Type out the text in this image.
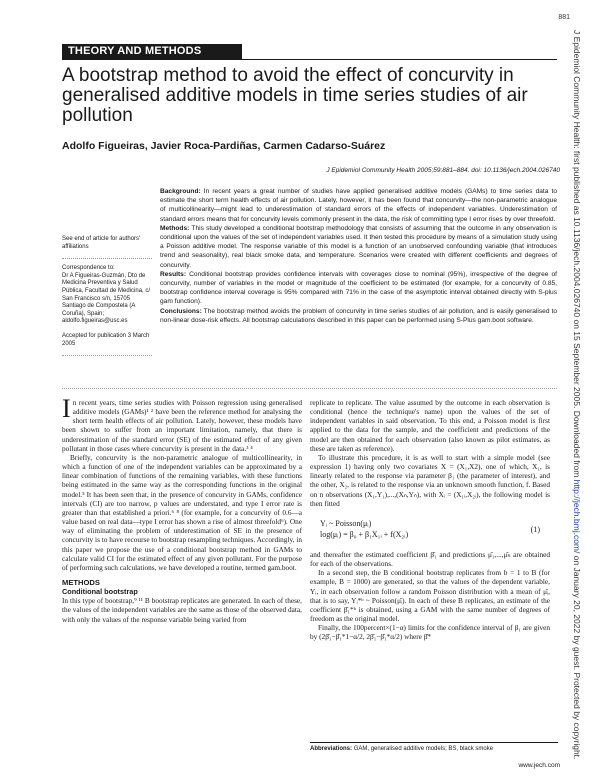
881
THEORY AND METHODS
A bootstrap method to avoid the effect of concurvity in generalised additive models in time series studies of air pollution
Adolfo Figueiras, Javier Roca-Pardiñas, Carmen Cadarso-Suárez
J Epidemiol Community Health 2005;59:881–884. doi: 10.1136/jech.2004.026740

Background: In recent years a great number of studies have applied generalised additive models (GAMs) to time series data to estimate the short term health effects of air pollution. Lately, however, it has been found that concurvity—the non-parametric analogue of multicollinearity—might lead to underestimation of standard errors of the effects of independent variables. Underestimation of standard errors means that for concurvity levels commonly present in the data, the risk of committing type I error rises by over threefold.

Methods: This study developed a conditional bootstrap methodology that consists of assuming that the outcome in any observation is conditional upon the values of the set of independent variables used. It then tested this procedure by means of a simulation study using a Poisson additive model. The response variable of this model is a function of an unobserved confounding variable (that introduces trend and seasonality), real black smoke data, and temperature. Scenarios were created with different coefficients and degrees of concurvity.

Results: Conditional bootstrap provides confidence intervals with coverages close to nominal (95%), irrespective of the degree of concurvity, number of variables in the model or magnitude of the coefficient to be estimated (for example, for a concurvity of 0.85, bootstrap confidence interval coverage is 95% compared with 71% in the case of the asymptotic interval obtained directly with S-plus gam function).

Conclusions: The bootstrap method avoids the problem of concurvity in time series studies of air pollution, and is easily generalised to non-linear dose-risk effects. All bootstrap calculations described in this paper can be performed using S-Plus gam.boot software.

See end of article for authors' affiliations

Correspondence to:
Dr A Figueiras-Guzmán, Dto de Medicina Preventiva y Salud Pública, Facultad de Medicina, c/ San Francisco s/n, 15705 Santiago de Compostela (A Coruña), Spain; aldolfo.figueiras@usc.es

Accepted for publication 3 March 2005

In recent years, time series studies with Poisson regression using generalised additive models (GAMs)¹ ² have been the reference method for analysing the short term health effects of air pollution. Lately, however, these models have been shown to suffer from an important limitation, namely, that there is underestimation of the standard error (SE) of the estimated effect of any given pollutant in those cases where concurvity is present in the data.³ ⁴

Briefly, concurvity is the non-parametric analogue of multicollinearity, in which a function of one of the independent variables can be approximated by a linear combination of functions of the remaining variables, with these functions being estimated in the same way as the corresponding functions in the original model.⁵ It has been seen that, in the presence of concurvity in GAMs, confidence intervals (CI) are too narrow, p values are understated, and type I error rate is greater than that established a priori.⁶ ⁸ (for example, for a concurvity of 0.6—a value based on real data—type I error has shown a rise of almost threefold⁶). One way of eliminating the problem of underestimation of SE in the presence of concurvity is to have recourse to bootstrap resampling techniques. Accordingly, in this paper we propose the use of a conditional bootstrap method in GAMs to calculate valid CI for the estimated effect of any given pollutant. For the purpose of performing such calculations, we have developed a routine, termed gam.boot.

METHODS
Conditional bootstrap

In this type of bootstrap,⁹ ¹¹ B bootstrap replicates are generated. In each of these, the values of the independent variables are the same as those of the observed data, with only the values of the response variable being varied from

replicate to replicate. The value assumed by the outcome in each observation is conditional (hence the technique's name) upon the values of the set of independent variables in said observation. To this end, a Poisson model is first applied to the data for the sample, and the coefficient and predictions of the model are then obtained for each observation (also known as pilot estimates, as these are taken as reference).

To illustrate this procedure, it is as well to start with a simple model (see expression 1) having only two covariates X = (X₁,X2), one of which, X₁, is linearly related to the response via parameter β₁ (the parameter of interest), and the other, X₂, is related to the response via an unknown smooth function, f. Based on n observations (X₁,Y₁),...,(Xₙ,Yₙ), with Xᵢ = (X₁ᵢ,X₂ᵢ), the following model is then fitted

Yᵢ ~ Poisson(μᵢ)
log(μᵢ) = β₀ + β₁X₁ᵢ + f(X₂ᵢ)
(1)

and thereafter the estimated coefficient β̂₁ and predictions μ̂₁,...,μ̂ₙ are obtained for each of the observations.

In a second step, the B conditional bootstrap replicates from b = 1 to B (for example, B = 1000) are generated, so that the values of the dependent variable, Yᵢ, in each observation follow a random Poisson distribution with a mean of μ̂ᵢ, that is to say, Yᵢ*ᵇ ~ Poisson(μ̂ᵢ). In each of these B replicates, an estimate of the coefficient β̂₁*ᵇ is obtained, using a GAM with the same number of degrees of freedom as the original model.

Finally, the 100percent×(1−α) limits for the confidence interval of β₁ are given by (2β̂₁−β̂₁*1−α/2, 2β̂₁−β̂₁*α/2) where β̂*

Abbreviations: GAM, generalised additive models; BS, black smoke
www.jech.com
J Epidemiol Community Health: first published as 10.1136/jech.2004.026740 on 15 September 2005. Downloaded from http://jech.bmj.com/ on January 20, 2022 by guest. Protected by copyright.
